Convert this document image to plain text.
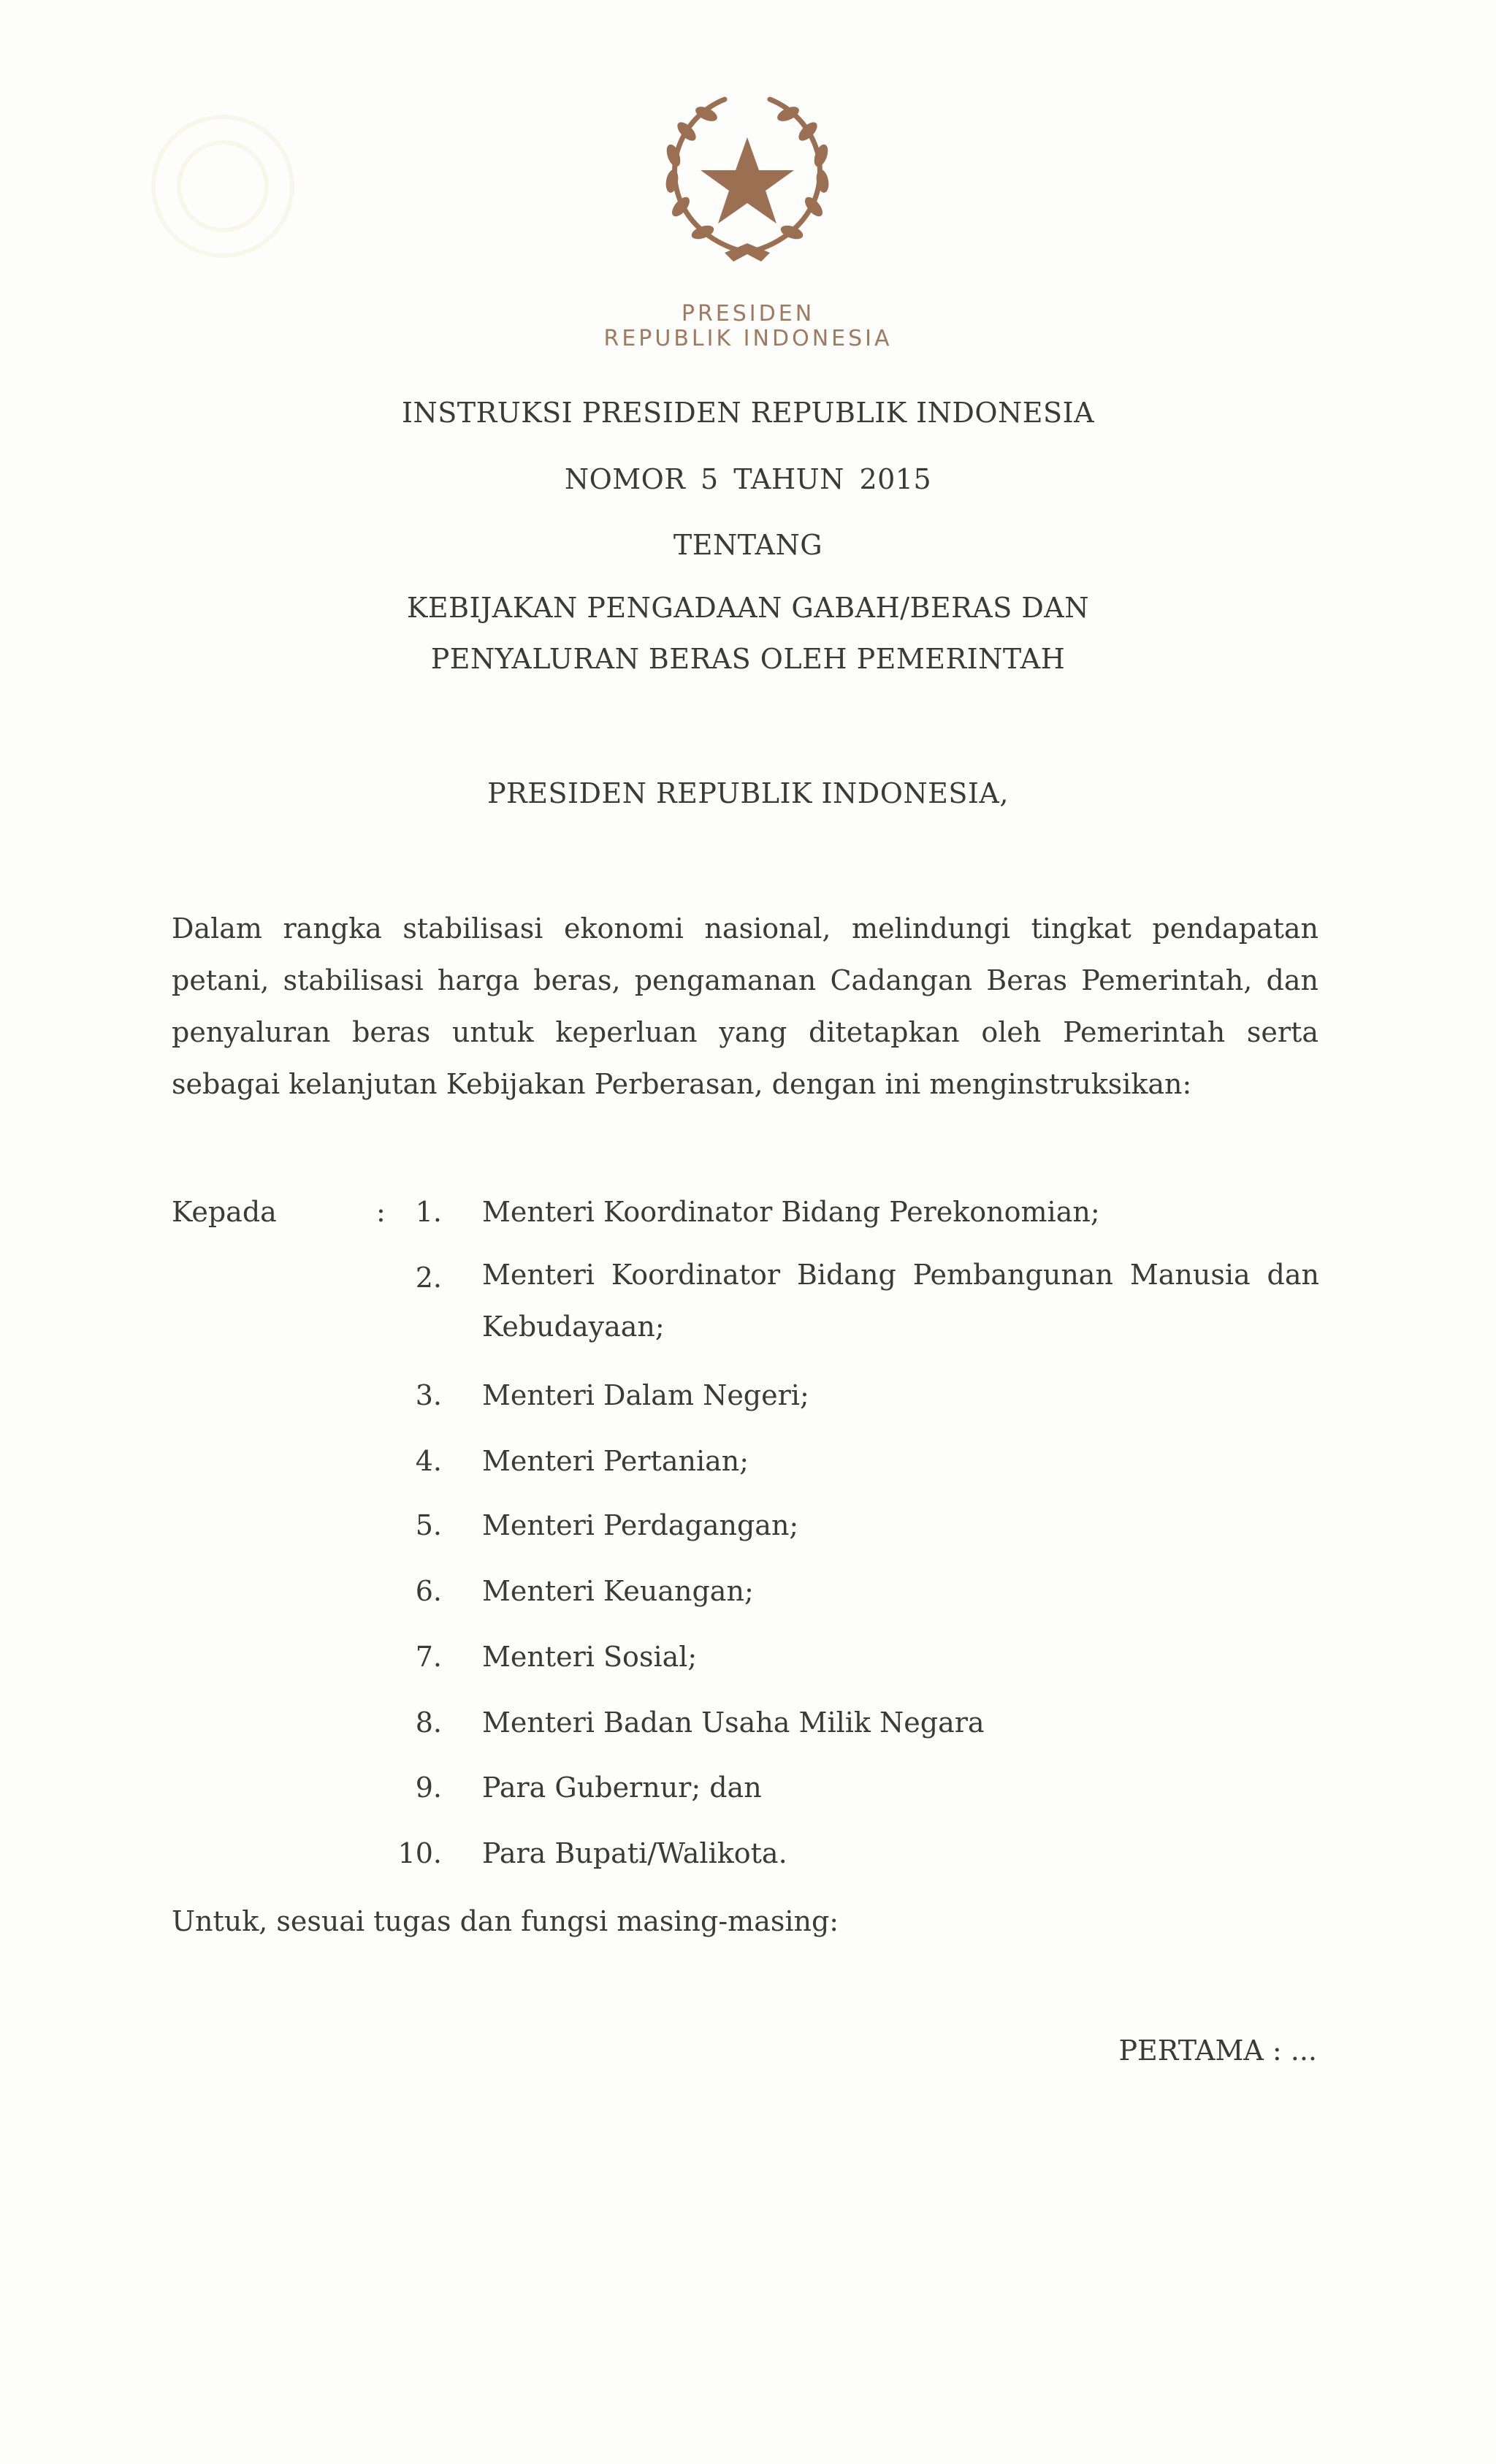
PRESIDEN
REPUBLIK INDONESIA
INSTRUKSI PRESIDEN REPUBLIK INDONESIA
NOMOR 5 TAHUN 2015
TENTANG
KEBIJAKAN PENGADAAN GABAH/BERAS DAN
PENYALURAN BERAS OLEH PEMERINTAH
PRESIDEN REPUBLIK INDONESIA,
Dalam rangka stabilisasi ekonomi nasional, melindungi tingkat pendapatan
petani, stabilisasi harga beras, pengamanan Cadangan Beras Pemerintah, dan
penyaluran beras untuk keperluan yang ditetapkan oleh Pemerintah serta
sebagai kelanjutan Kebijakan Perberasan, dengan ini menginstruksikan:
Kepada	:	1. Menteri Koordinator Bidang Perekonomian;
2. Menteri Koordinator Bidang Pembangunan Manusia dan
Kebudayaan;
3. Menteri Dalam Negeri;
4. Menteri Pertanian;
5. Menteri Perdagangan;
6. Menteri Keuangan;
7. Menteri Sosial;
8. Menteri Badan Usaha Milik Negara
9. Para Gubernur; dan
10. Para Bupati/Walikota.
Untuk, sesuai tugas dan fungsi masing-masing:
PERTAMA : ...
